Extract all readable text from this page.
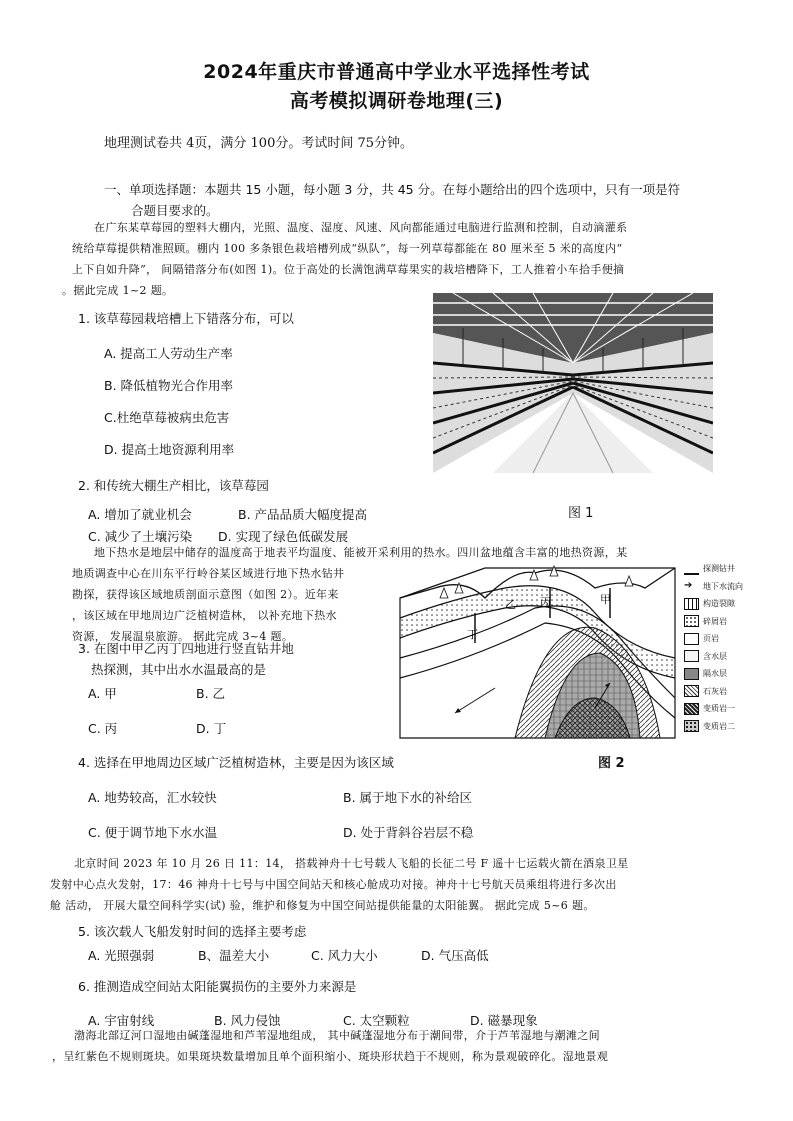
2024年重庆市普通高中学业水平选择性考试
高考模拟调研卷地理(三)
地理测试卷共 4页，满分 100分。考试时间 75分钟。
一、单项选择题：本题共 15 小题，每小题 3 分，共 45 分。在每小题给出的四个选项中，只有一项是符
合题目要求的。
在广东某草莓园的塑料大棚内，光照、温度、湿度、风速、风向都能通过电脑进行监测和控制，自动滴灌系
统给草莓提供精准照顾。棚内 100 多条银色栽培槽列成“纵队”，每一列草莓都能在 80 厘米至 5 米的高度内“
上下自如升降”， 间隔错落分布(如图 1)。位于高处的长满饱满草莓果实的栽培槽降下，工人推着小车拾手便摘
。据此完成 1~2 题。
1. 该草莓园栽培槽上下错落分布，可以
A. 提高工人劳动生产率
B. 降低植物光合作用率
C.杜绝草莓被病虫危害
D. 提高土地资源利用率
图 1
2. 和传统大棚生产相比，该草莓园
A. 增加了就业机会	B. 产品品质大幅度提高
C. 减少了土壤污染 D. 实现了绿色低碳发展
地下热水是地层中储存的温度高于地表平均温度、能被开采利用的热水。四川盆地蕴含丰富的地热资源，某
地质调查中心在川东平行岭谷某区域进行地下热水钻井
勘探，获得该区域地质剖面示意图（如图 2）。近年来
，该区域在甲地周边广泛植树造林， 以补充地下热水
资源， 发展温泉旅游。 据此完成 3~4 题。
3. 在图中甲乙丙丁四地进行竖直钻井地
热探测，其中出水水温最高的是
A. 甲	B. 乙
C. 丙	D. 丁
丁
乙 丙	甲
探测钻井
➔	地下水流向
构造裂隙
碎屑岩
页岩
含水层
隔水层
石灰岩
变质岩一
变质岩二
图 2
4. 选择在甲地周边区域广泛植树造林，主要是因为该区域
A. 地势较高，汇水较快	B. 属于地下水的补给区
C. 便于调节地下水水温	D. 处于背斜谷岩层不稳
北京时间 2023 年 10 月 26 日 11：14， 搭载神舟十七号载人飞船的长征二号 F 遥十七运载火箭在酒泉卫星
发射中心点火发射，17：46 神舟十七号与中国空间站天和核心舱成功对接。神舟十七号航天员乘组将进行多次出
舱 活动， 开展大量空间科学实(试) 验，维护和修复为中国空间站提供能量的太阳能翼。 据此完成 5~6 题。
5. 该次载人飞船发射时间的选择主要考虑
A. 光照强弱	B、温差大小	C. 风力大小	D. 气压高低
6. 推测造成空间站太阳能翼损伤的主要外力来源是
A. 宇宙射线	B. 风力侵蚀	C. 太空颗粒	D. 磁暴现象
渤海北部辽河口湿地由碱蓬湿地和芦苇湿地组成， 其中碱蓬湿地分布于潮间带，介于芦苇湿地与潮滩之间
，呈红紫色不规则斑块。如果斑块数量增加且单个面积缩小、斑块形状趋于不规则，称为景观破碎化。湿地景观
